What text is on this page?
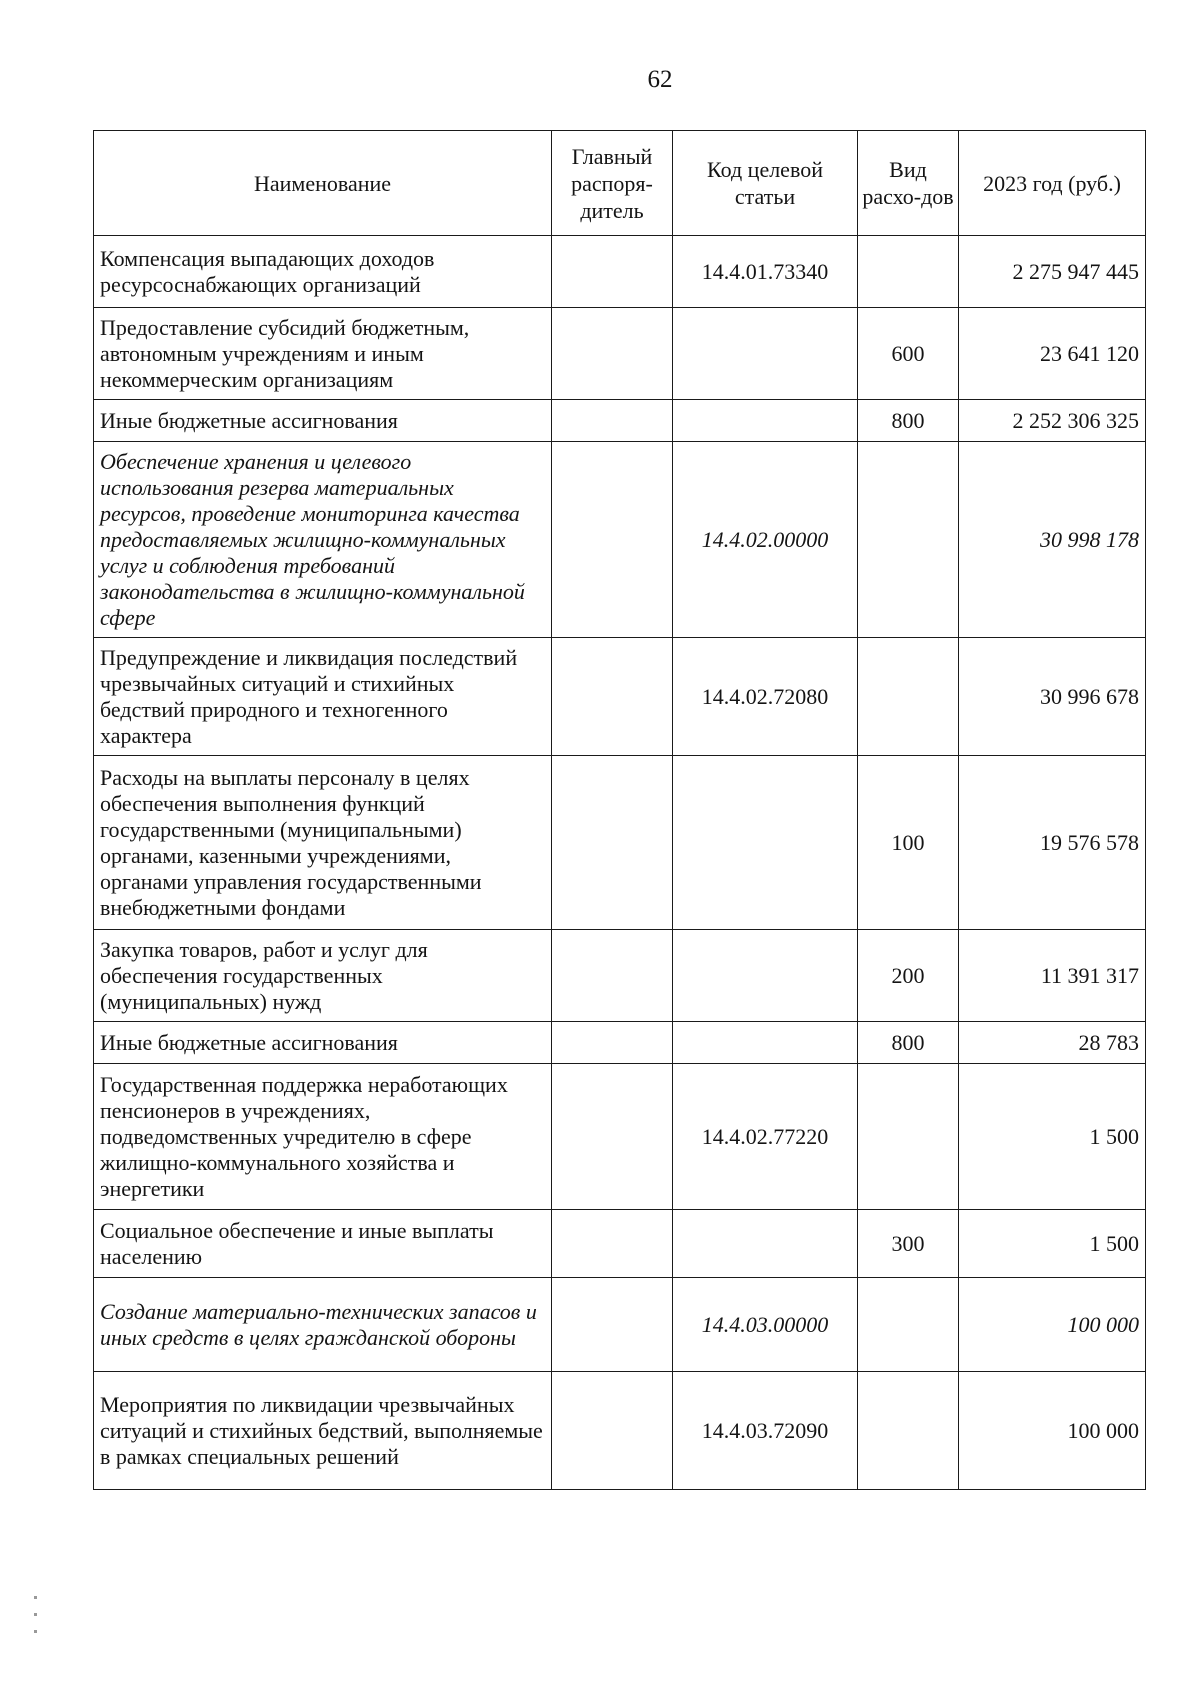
62
Наименование	Главный распоря-дитель	Код целевой статьи	Вид расхо-дов	2023 год (руб.)
Компенсация выпадающих доходов ресурсоснабжающих организаций		14.4.01.73340		2 275 947 445
Предоставление субсидий бюджетным, автономным учреждениям и иным некоммерческим организациям			600	23 641 120
Иные бюджетные ассигнования			800	2 252 306 325
Обеспечение хранения и целевого использования резерва материальных ресурсов, проведение мониторинга качества предоставляемых жилищно-коммунальных услуг и соблюдения требований законодательства в жилищно-коммунальной сфере		14.4.02.00000		30 998 178
Предупреждение и ликвидация последствий чрезвычайных ситуаций и стихийных бедствий природного и техногенного характера		14.4.02.72080		30 996 678
Расходы на выплаты персоналу в целях обеспечения выполнения функций государственными (муниципальными) органами, казенными учреждениями, органами управления государственными внебюджетными фондами			100	19 576 578
Закупка товаров, работ и услуг для обеспечения государственных (муниципальных) нужд			200	11 391 317
Иные бюджетные ассигнования			800	28 783
Государственная поддержка неработающих пенсионеров в учреждениях, подведомственных учредителю в сфере жилищно-коммунального хозяйства и энергетики		14.4.02.77220		1 500
Социальное обеспечение и иные выплаты населению			300	1 500
Создание материально-технических запасов и иных средств в целях гражданской обороны		14.4.03.00000		100 000
Мероприятия по ликвидации чрезвычайных ситуаций и стихийных бедствий, выполняемые в рамках специальных решений		14.4.03.72090		100 000
